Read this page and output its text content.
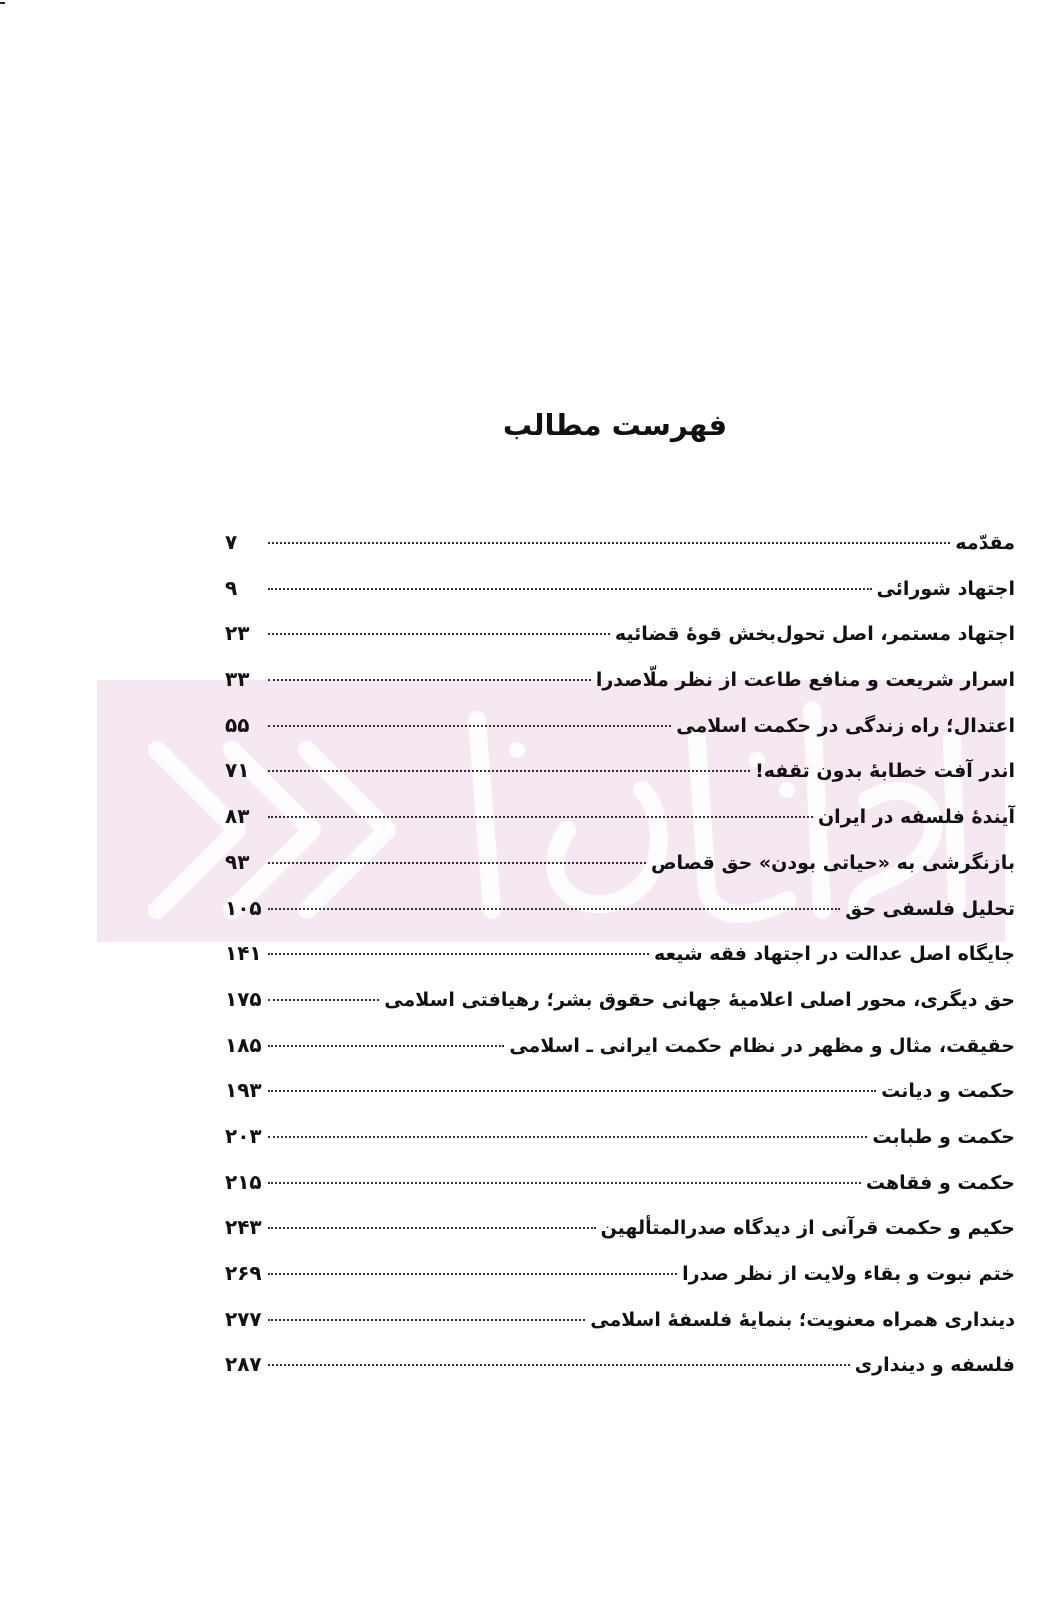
فهرست مطالب
مقدّمه
۷
اجتهاد شورائی
۹
اجتهاد مستمر، اصل تحول‌بخش قوهٔ قضائیه
۲۳
اسرار شریعت و منافع طاعت از نظر ملّاصدرا
۳۳
اعتدال؛ راه زندگی در حکمت اسلامی
۵۵
اندر آفت خطابهٔ بدون تقفه!
۷۱
آیندهٔ فلسفه در ایران
۸۳
بازنگرشی به «حیاتی بودن» حق قصاص
۹۳
تحلیل فلسفی حق
۱۰۵
جایگاه اصل عدالت در اجتهاد فقه شیعه
۱۴۱
حق دیگری، محور اصلی اعلامیهٔ جهانی حقوق بشر؛ رهیافتی اسلامی
۱۷۵
حقیقت، مثال و مظهر در نظام حکمت ایرانی ـ اسلامی
۱۸۵
حکمت و دیانت
۱۹۳
حکمت و طبابت
۲۰۳
حکمت و فقاهت
۲۱۵
حکیم و حکمت قرآنی از دیدگاه صدرالمتألهین
۲۴۳
ختم نبوت و بقاء ولایت از نظر صدرا
۲۶۹
دینداری همراه معنویت؛ بنمایهٔ فلسفهٔ اسلامی
۲۷۷
فلسفه و دینداری
۲۸۷
